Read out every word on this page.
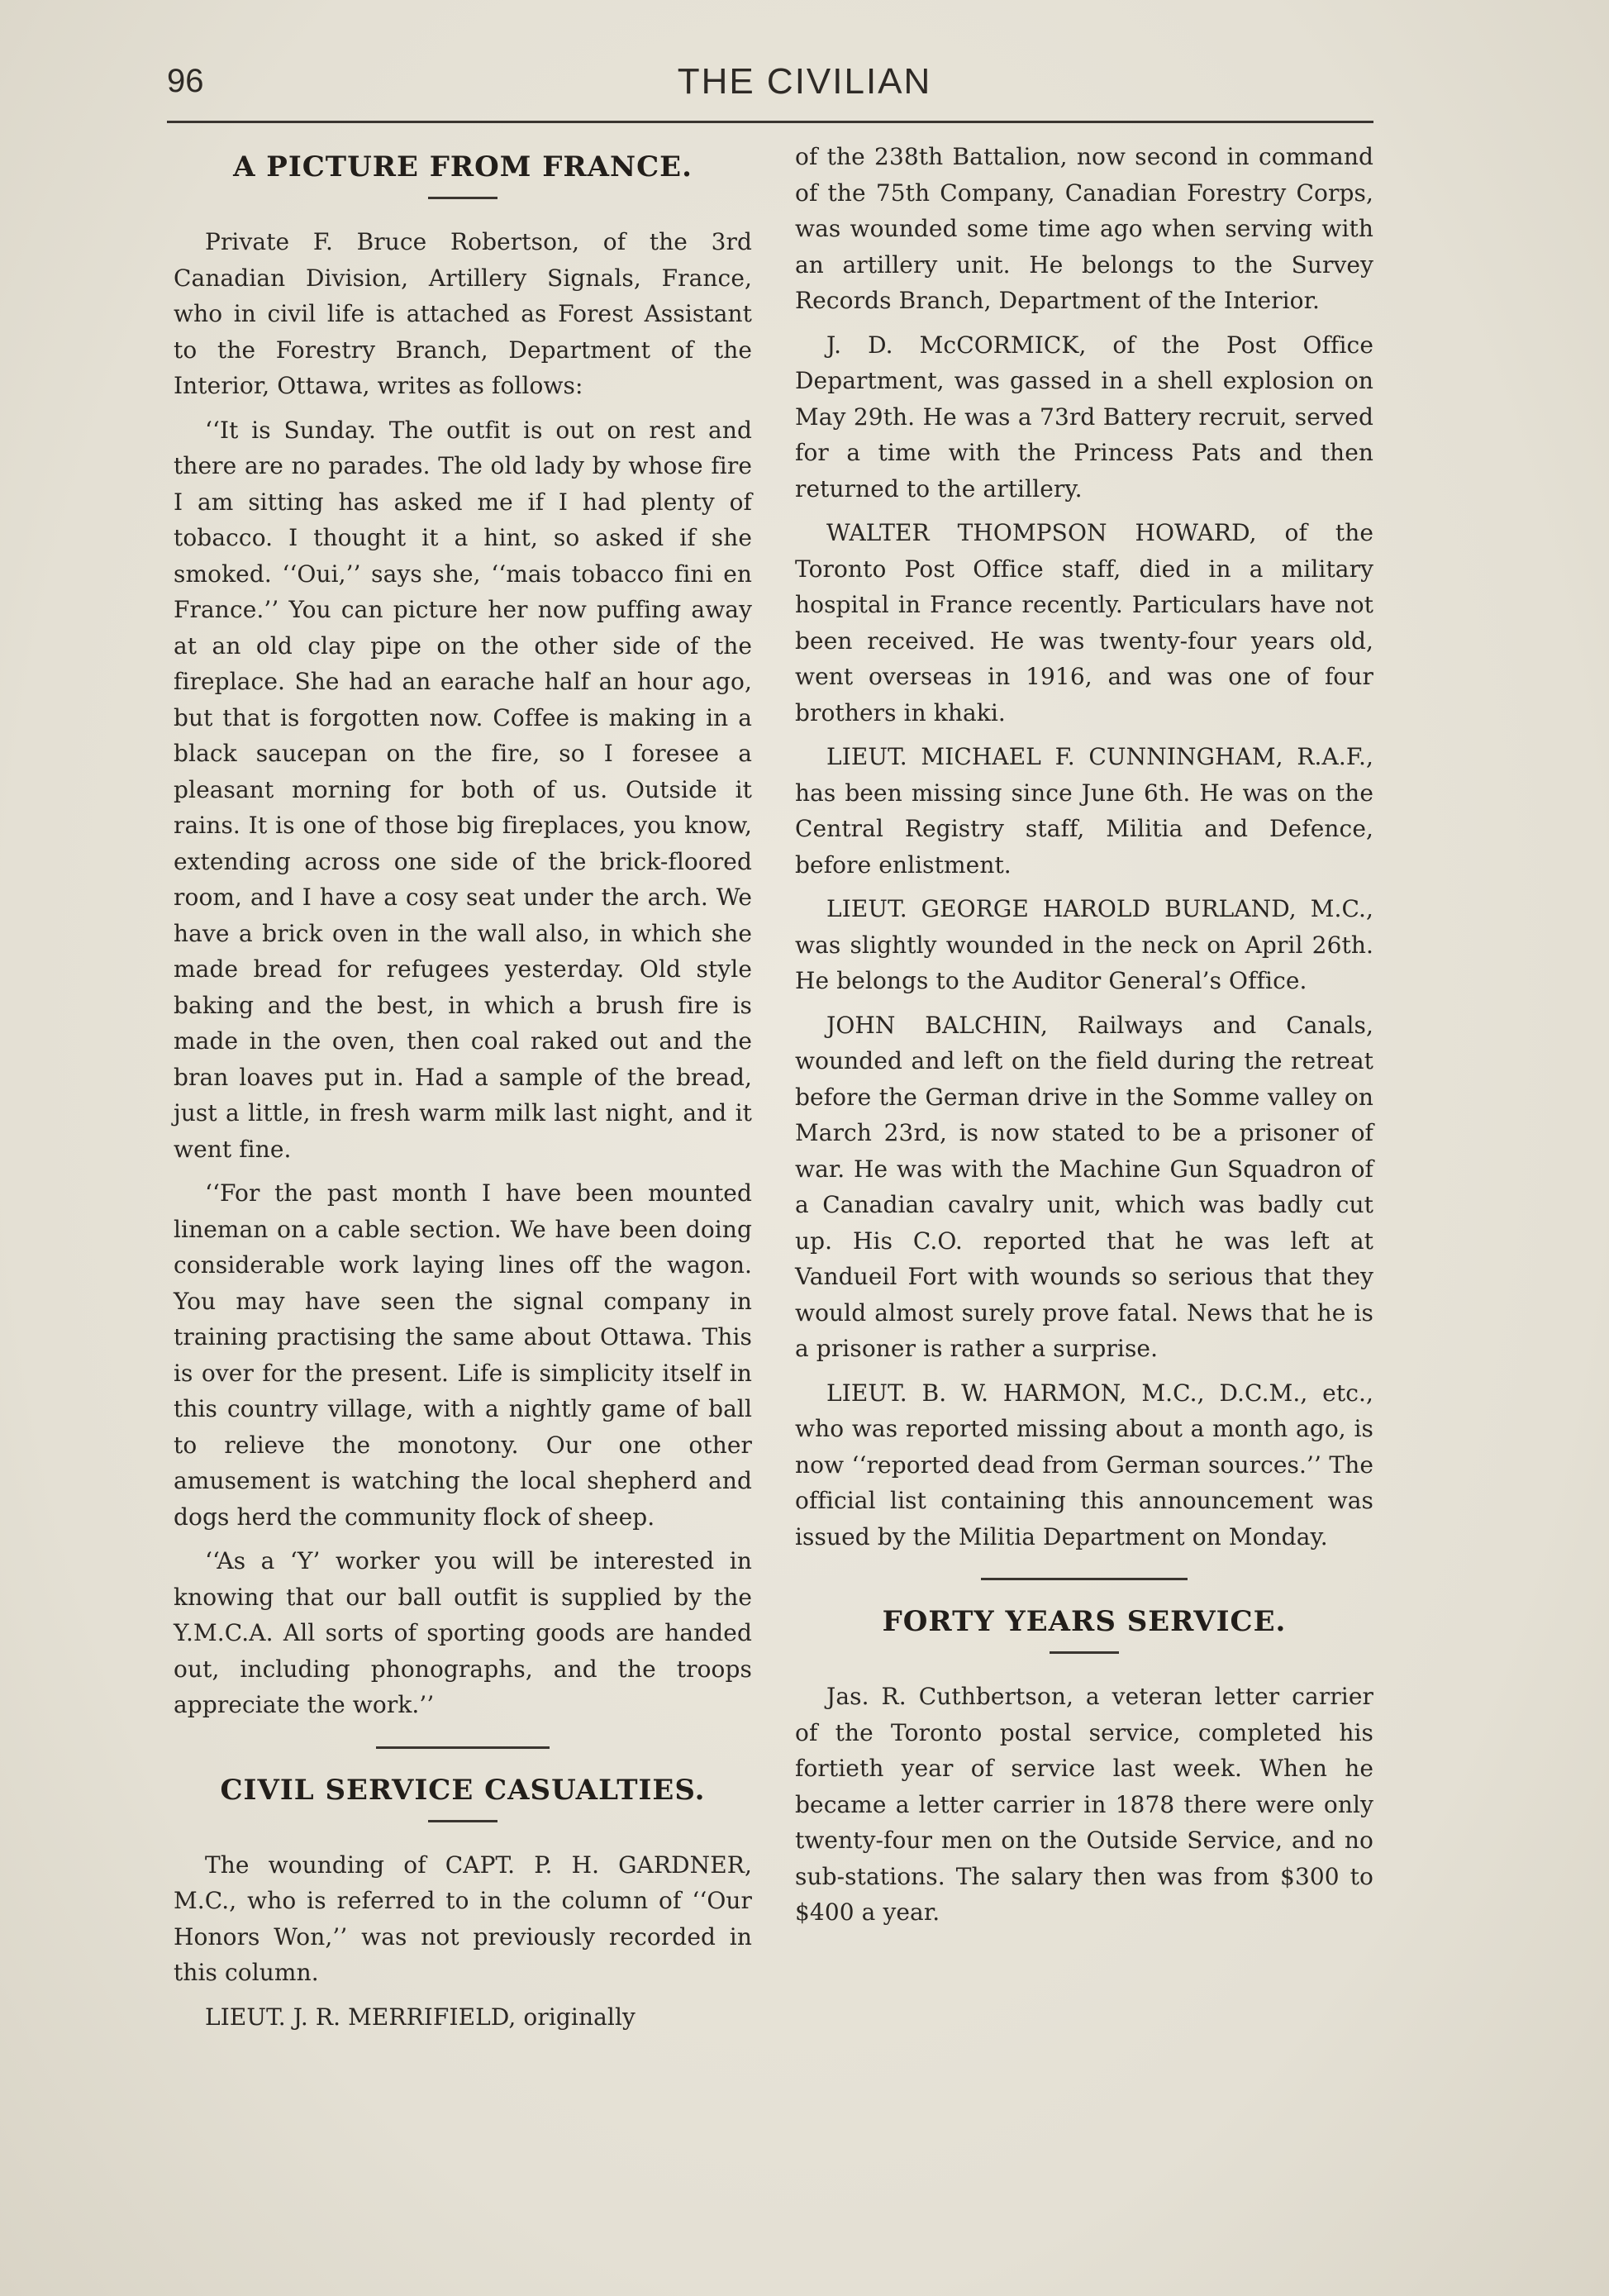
96	THE CIVILIAN
A PICTURE FROM FRANCE.

Private F. Bruce Robertson, of the 3rd Canadian Division, Artillery Signals, France, who in civil life is attached as Forest Assistant to the Forestry Branch, Department of the Interior, Ottawa, writes as follows:

‘‘It is Sunday. The outfit is out on rest and there are no parades. The old lady by whose fire I am sitting has asked me if I had plenty of tobacco. I thought it a hint, so asked if she smoked. ‘‘Oui,’’ says she, ‘‘mais tobacco fini en France.’’ You can picture her now puffing away at an old clay pipe on the other side of the fireplace. She had an earache half an hour ago, but that is forgotten now. Coffee is making in a black saucepan on the fire, so I foresee a pleasant morning for both of us. Outside it rains. It is one of those big fireplaces, you know, extending across one side of the brick-floored room, and I have a cosy seat under the arch. We have a brick oven in the wall also, in which she made bread for refugees yesterday. Old style baking and the best, in which a brush fire is made in the oven, then coal raked out and the bran loaves put in. Had a sample of the bread, just a little, in fresh warm milk last night, and it went fine.

‘‘For the past month I have been mounted lineman on a cable section. We have been doing considerable work laying lines off the wagon. You may have seen the signal company in training practising the same about Ottawa. This is over for the present. Life is simplicity itself in this country village, with a nightly game of ball to relieve the monotony. Our one other amusement is watching the local shepherd and dogs herd the community flock of sheep.

‘‘As a ‘Y’ worker you will be interested in knowing that our ball outfit is supplied by the Y.M.C.A. All sorts of sporting goods are handed out, including phonographs, and the troops appreciate the work.’’

CIVIL SERVICE CASUALTIES.

The wounding of CAPT. P. H. GARDNER, M.C., who is referred to in the column of ‘‘Our Honors Won,’’ was not previously recorded in this column.

LIEUT. J. R. MERRIFIELD, originally

of the 238th Battalion, now second in command of the 75th Company, Canadian Forestry Corps, was wounded some time ago when serving with an artillery unit. He belongs to the Survey Records Branch, Department of the Interior.

J. D. McCORMICK, of the Post Office Department, was gassed in a shell explosion on May 29th. He was a 73rd Battery recruit, served for a time with the Princess Pats and then returned to the artillery.

WALTER THOMPSON HOWARD, of the Toronto Post Office staff, died in a military hospital in France recently. Particulars have not been received. He was twenty-four years old, went overseas in 1916, and was one of four brothers in khaki.

LIEUT. MICHAEL F. CUNNINGHAM, R.A.F., has been missing since June 6th. He was on the Central Registry staff, Militia and Defence, before enlistment.

LIEUT. GEORGE HAROLD BURLAND, M.C., was slightly wounded in the neck on April 26th. He belongs to the Auditor General’s Office.

JOHN BALCHIN, Railways and Canals, wounded and left on the field during the retreat before the German drive in the Somme valley on March 23rd, is now stated to be a prisoner of war. He was with the Machine Gun Squadron of a Canadian cavalry unit, which was badly cut up. His C.O. reported that he was left at Vandueil Fort with wounds so serious that they would almost surely prove fatal. News that he is a prisoner is rather a surprise.

LIEUT. B. W. HARMON, M.C., D.C.M., etc., who was reported missing about a month ago, is now ‘‘reported dead from German sources.’’ The official list containing this announcement was issued by the Militia Department on Monday.

FORTY YEARS SERVICE.

Jas. R. Cuthbertson, a veteran letter carrier of the Toronto postal service, completed his fortieth year of service last week. When he became a letter carrier in 1878 there were only twenty-four men on the Outside Service, and no sub-stations. The salary then was from $300 to $400 a year.
